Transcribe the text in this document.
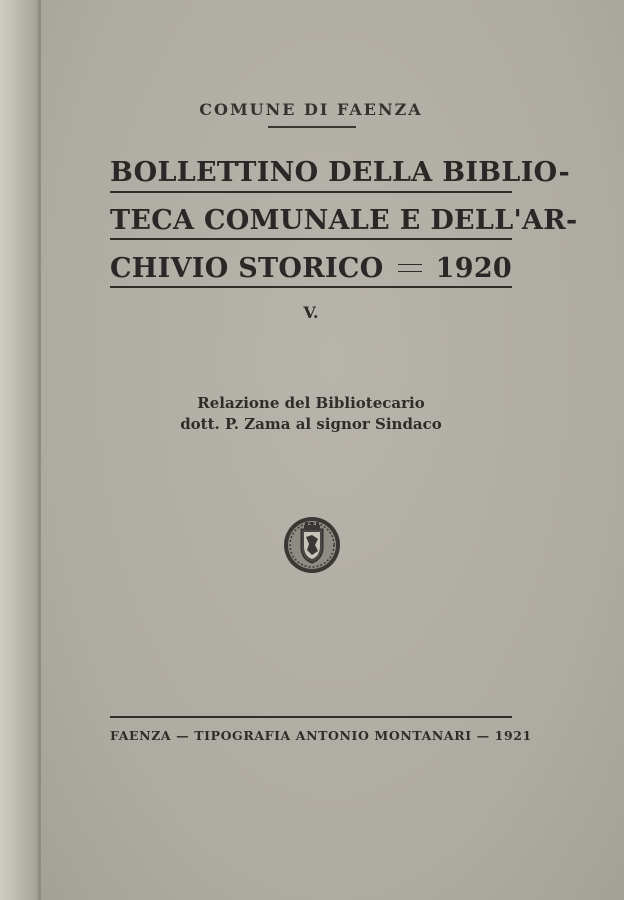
COMUNE DI FAENZA
BOLLETTINO DELLA BIBLIO-
TECA COMUNALE E DELL'AR-
CHIVIO STORICO 1920
V.
Relazione del Bibliotecario
dott. P. Zama al signor Sindaco
FAENZA — TIPOGRAFIA ANTONIO MONTANARI — 1921
